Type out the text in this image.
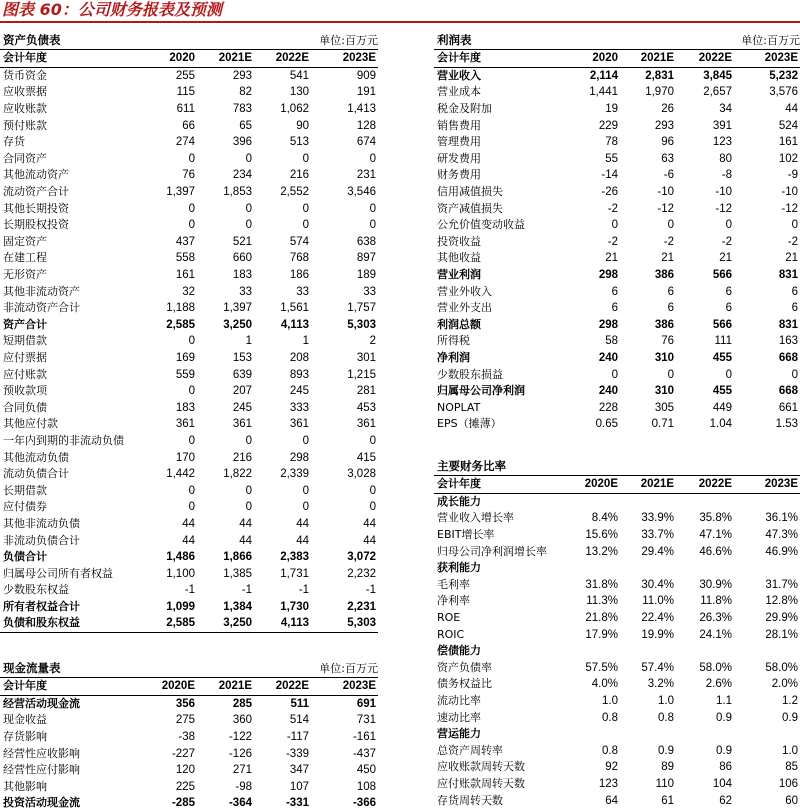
图表 60：公司财务报表及预测
资产负债表	单位:百万元
会计年度	2020	2021E	2022E	2023E
货币资金	255	293	541	909
应收票据	115	82	130	191
应收账款	611	783	1,062	1,413
预付账款	66	65	90	128
存货	274	396	513	674
合同资产	0	0	0	0
其他流动资产	76	234	216	231
流动资产合计	1,397	1,853	2,552	3,546
其他长期投资	0	0	0	0
长期股权投资	0	0	0	0
固定资产	437	521	574	638
在建工程	558	660	768	897
无形资产	161	183	186	189
其他非流动资产	32	33	33	33
非流动资产合计	1,188	1,397	1,561	1,757
资产合计	2,585	3,250	4,113	5,303
短期借款	0	1	1	2
应付票据	169	153	208	301
应付账款	559	639	893	1,215
预收款项	0	207	245	281
合同负债	183	245	333	453
其他应付款	361	361	361	361
一年内到期的非流动负债	0	0	0	0
其他流动负债	170	216	298	415
流动负债合计	1,442	1,822	2,339	3,028
长期借款	0	0	0	0
应付债券	0	0	0	0
其他非流动负债	44	44	44	44
非流动负债合计	44	44	44	44
负债合计	1,486	1,866	2,383	3,072
归属母公司所有者权益	1,100	1,385	1,731	2,232
少数股东权益	-1	-1	-1	-1
所有者权益合计	1,099	1,384	1,730	2,231
负债和股东权益	2,585	3,250	4,113	5,303
现金流量表	单位:百万元
会计年度	2020E	2021E	2022E	2023E
经营活动现金流	356	285	511	691
现金收益	275	360	514	731
存货影响	-38	-122	-117	-161
经营性应收影响	-227	-126	-339	-437
经营性应付影响	120	271	347	450
其他影响	225	-98	107	108
投资活动现金流	-285	-364	-331	-366
利润表	单位:百万元
会计年度	2020	2021E	2022E	2023E
营业收入	2,114	2,831	3,845	5,232
营业成本	1,441	1,970	2,657	3,576
税金及附加	19	26	34	44
销售费用	229	293	391	524
管理费用	78	96	123	161
研发费用	55	63	80	102
财务费用	-14	-6	-8	-9
信用减值损失	-26	-10	-10	-10
资产减值损失	-2	-12	-12	-12
公允价值变动收益	0	0	0	0
投资收益	-2	-2	-2	-2
其他收益	21	21	21	21
营业利润	298	386	566	831
营业外收入	6	6	6	6
营业外支出	6	6	6	6
利润总额	298	386	566	831
所得税	58	76	111	163
净利润	240	310	455	668
少数股东损益	0	0	0	0
归属母公司净利润	240	310	455	668
NOPLAT	228	305	449	661
EPS（摊薄）	0.65	0.71	1.04	1.53
主要财务比率
会计年度	2020E	2021E	2022E	2023E
成长能力				
营业收入增长率	8.4%	33.9%	35.8%	36.1%
EBIT增长率	15.6%	33.7%	47.1%	47.3%
归母公司净利润增长率	13.2%	29.4%	46.6%	46.9%
获利能力				
毛利率	31.8%	30.4%	30.9%	31.7%
净利率	11.3%	11.0%	11.8%	12.8%
ROE	21.8%	22.4%	26.3%	29.9%
ROIC	17.9%	19.9%	24.1%	28.1%
偿债能力				
资产负债率	57.5%	57.4%	58.0%	58.0%
债务权益比	4.0%	3.2%	2.6%	2.0%
流动比率	1.0	1.0	1.1	1.2
速动比率	0.8	0.8	0.9	0.9
营运能力				
总资产周转率	0.8	0.9	0.9	1.0
应收账款周转天数	92	89	86	85
应付账款周转天数	123	110	104	106
存货周转天数	64	61	62	60
